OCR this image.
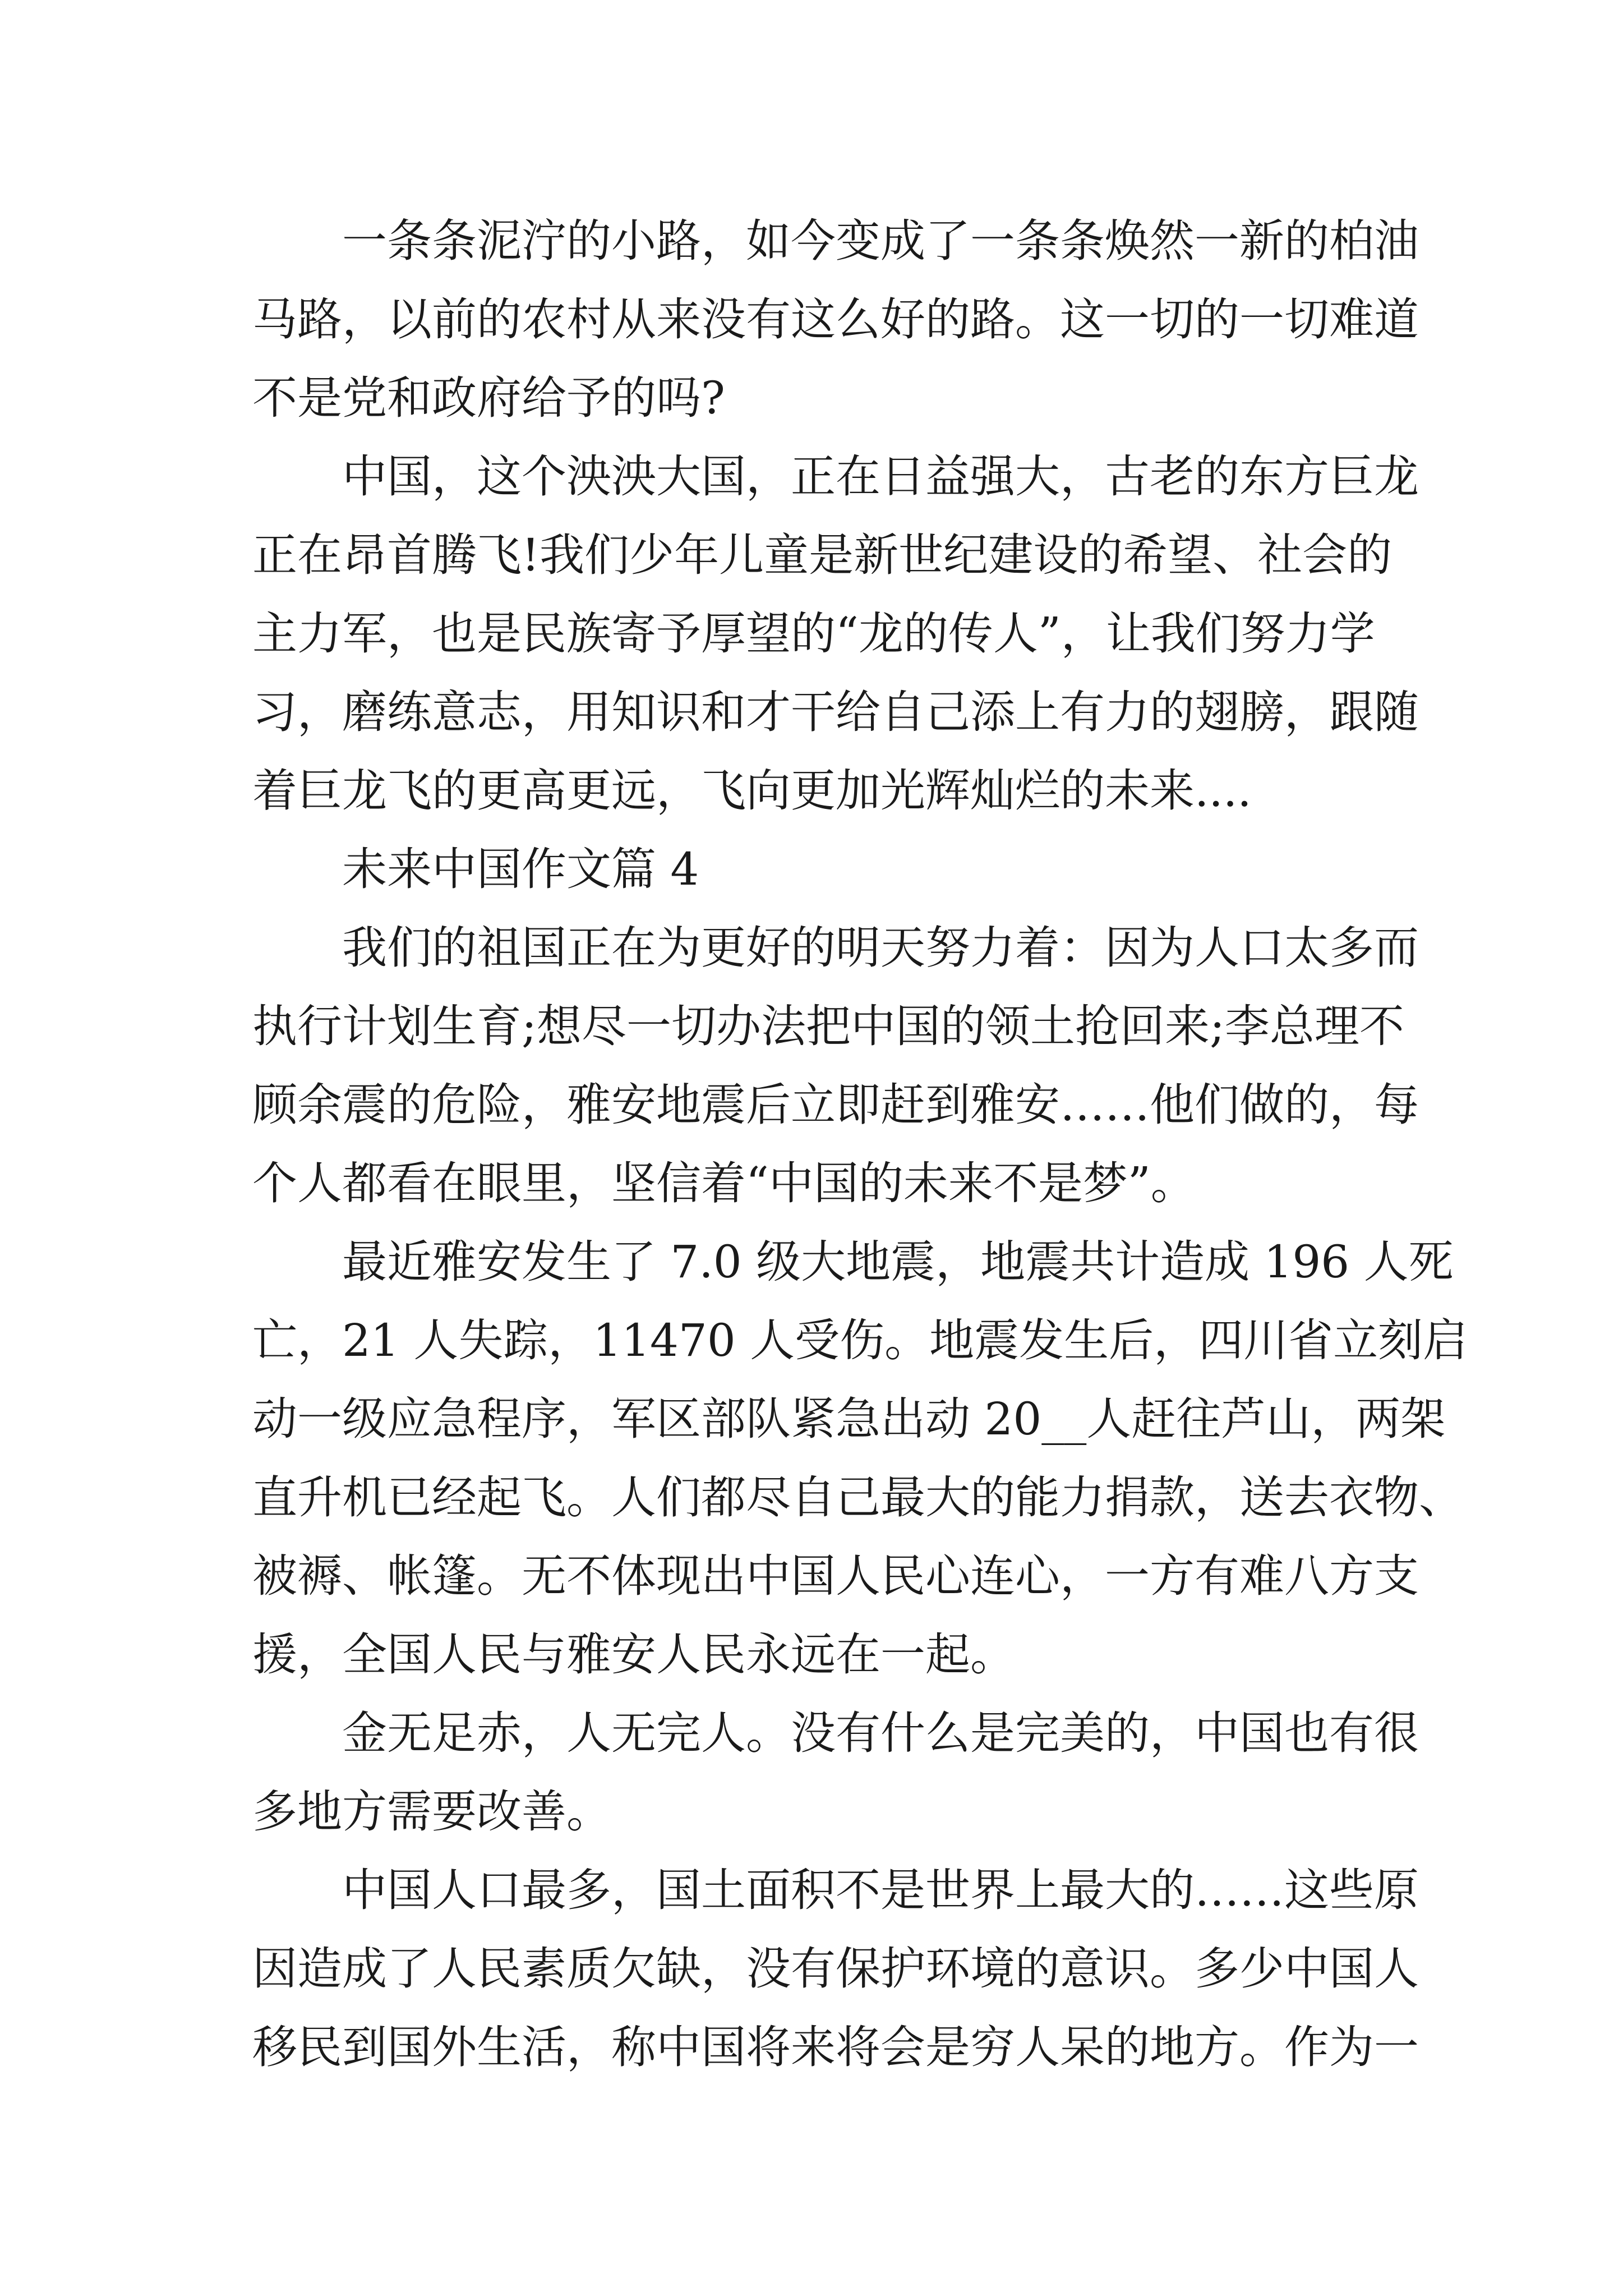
一条条泥泞的小路，如今变成了一条条焕然一新的柏油
马路，以前的农村从来没有这么好的路。这一切的一切难道
不是党和政府给予的吗?
中国，这个泱泱大国，正在日益强大，古老的东方巨龙
正在昂首腾飞!我们少年儿童是新世纪建设的希望、社会的
主力军，也是民族寄予厚望的“龙的传人”，让我们努力学
习，磨练意志，用知识和才干给自己添上有力的翅膀，跟随
着巨龙飞的更高更远，飞向更加光辉灿烂的未来....
未来中国作文篇 4
我们的祖国正在为更好的明天努力着：因为人口太多而
执行计划生育;想尽一切办法把中国的领土抢回来;李总理不
顾余震的危险，雅安地震后立即赶到雅安……他们做的，每
个人都看在眼里，坚信着“中国的未来不是梦”。
最近雅安发生了 7.0 级大地震，地震共计造成 196 人死
亡，21 人失踪，11470 人受伤。地震发生后，四川省立刻启
动一级应急程序，军区部队紧急出动 20__人赶往芦山，两架
直升机已经起飞。人们都尽自己最大的能力捐款，送去衣物、
被褥、帐篷。无不体现出中国人民心连心，一方有难八方支
援，全国人民与雅安人民永远在一起。
金无足赤，人无完人。没有什么是完美的，中国也有很
多地方需要改善。
中国人口最多，国土面积不是世界上最大的……这些原
因造成了人民素质欠缺，没有保护环境的意识。多少中国人
移民到国外生活，称中国将来将会是穷人呆的地方。作为一
